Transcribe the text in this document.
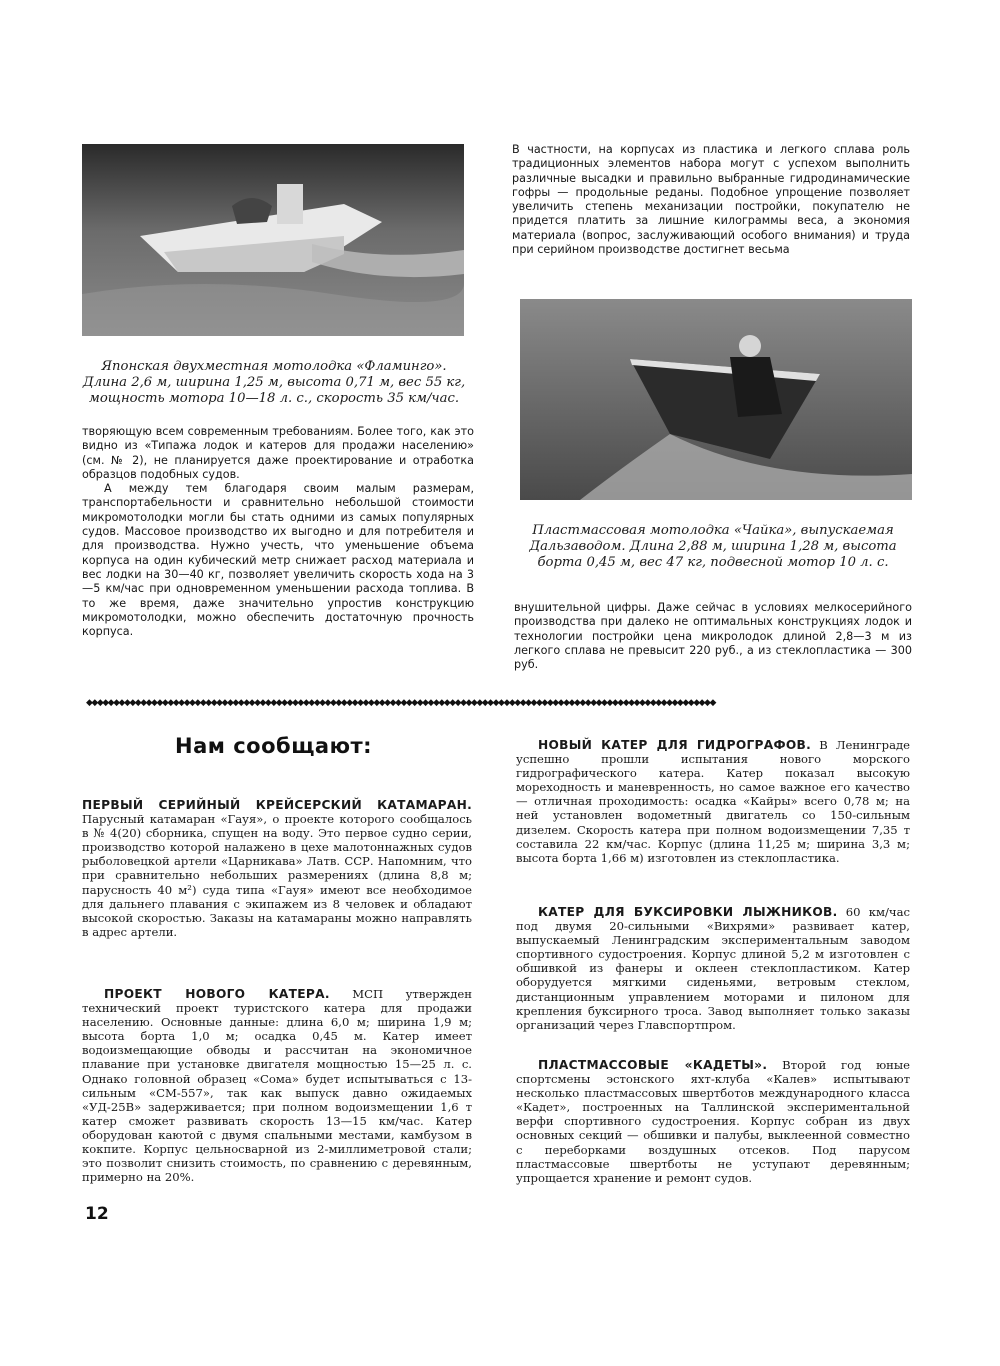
Японская двухместная мотолодка «Фламинго». Длина 2,6 м, ширина 1,25 м, высота 0,71 м, вес 55 кг, мощность мотора 10—18 л. с., скорость 35 км/час.
В частности, на корпусах из пластика и легкого сплава роль традиционных элементов набора могут с успехом выполнить различные высадки и правильно выбранные гидродинамические гофры — продольные реданы. Подобное упрощение позволяет увеличить степень механизации постройки, покупателю не придется платить за лишние килограммы веса, а экономия материала (вопрос, заслуживающий особого внимания) и труда при серийном производстве достигнет весьма
Пластмассовая мотолодка «Чайка», выпускаемая Дальзаводом. Длина 2,88 м, ширина 1,28 м, высота борта 0,45 м, вес 47 кг, подвесной мотор 10 л. с.
творяющую всем современным требованиям. Более того, как это видно из «Типажа лодок и катеров для продажи населению» (см. № 2), не планируется даже проектирование и отработка образцов подобных судов.
А между тем благодаря своим малым размерам, транспортабельности и сравнительно небольшой стоимости микромотолодки могли бы стать одними из самых популярных судов. Массовое производство их выгодно и для потребителя и для производства. Нужно учесть, что уменьшение объема корпуса на один кубический метр снижает расход материала и вес лодки на 30—40 кг, позволяет увеличить скорость хода на 3—5 км/час при одновременном уменьшении расхода топлива. В то же время, даже значительно упростив конструкцию микромотолодки, можно обеспечить достаточную прочность корпуса.
внушительной цифры. Даже сейчас в условиях мелкосерийного производства при далеко не оптимальных конструкциях лодок и технологии постройки цена микролодок длиной 2,8—3 м из легкого сплава не превысит 220 руб., а из стеклопластика — 300 руб.
◆◆◆◆◆◆◆◆◆◆◆◆◆◆◆◆◆◆◆◆◆◆◆◆◆◆◆◆◆◆◆◆◆◆◆◆◆◆◆◆◆◆◆◆◆◆◆◆◆◆◆◆◆◆◆◆◆◆◆◆◆◆◆◆◆◆◆◆◆◆◆◆◆◆◆◆◆◆◆◆◆◆◆◆◆◆◆◆◆◆◆◆◆◆◆◆◆◆◆◆◆◆◆◆◆◆◆◆◆◆◆◆◆◆◆◆
Нам сообщают:
ПЕРВЫЙ СЕРИЙНЫЙ КРЕЙСЕРСКИЙ КАТАМАРАН. Парусный катамаран «Гауя», о проекте которого сообщалось в № 4(20) сборника, спущен на воду. Это первое судно серии, производство которой налажено в цехе малотоннажных судов рыболовецкой артели «Царникава» Латв. ССР. Напомним, что при сравнительно небольших размерениях (длина 8,8 м; парусность 40 м²) суда типа «Гауя» имеют все необходимое для дальнего плавания с экипажем из 8 человек и обладают высокой скоростью. Заказы на катамараны можно направлять в адрес артели.
ПРОЕКТ НОВОГО КАТЕРА. МСП утвержден технический проект туристского катера для продажи населению. Основные данные: длина 6,0 м; ширина 1,9 м; высота борта 1,0 м; осадка 0,45 м. Катер имеет водоизмещающие обводы и рассчитан на экономичное плавание при установке двигателя мощностью 15—25 л. с. Однако головной образец «Сома» будет испытываться с 13-сильным «СМ-557», так как выпуск давно ожидаемых «УД-25В» задерживается; при полном водоизмещении 1,6 т катер сможет развивать скорость 13—15 км/час. Катер оборудован каютой с двумя спальными местами, камбузом в кокпите. Корпус цельносварной из 2-миллиметровой стали; это позволит снизить стоимость, по сравнению с деревянным, примерно на 20%.
НОВЫЙ КАТЕР ДЛЯ ГИДРОГРАФОВ. В Ленинграде успешно прошли испытания нового морского гидрографического катера. Катер показал высокую мореходность и маневренность, но самое важное его качество — отличная проходимость: осадка «Кайры» всего 0,78 м; на ней установлен водометный двигатель со 150-сильным дизелем. Скорость катера при полном водоизмещении 7,35 т составила 22 км/час. Корпус (длина 11,25 м; ширина 3,3 м; высота борта 1,66 м) изготовлен из стеклопластика.
КАТЕР ДЛЯ БУКСИРОВКИ ЛЫЖНИКОВ. 60 км/час под двумя 20-сильными «Вихрями» развивает катер, выпускаемый Ленинградским экспериментальным заводом спортивного судостроения. Корпус длиной 5,2 м изготовлен с обшивкой из фанеры и оклеен стеклопластиком. Катер оборудуется мягкими сиденьями, ветровым стеклом, дистанционным управлением моторами и пилоном для крепления буксирного троса. Завод выполняет только заказы организаций через Главспортпром.
ПЛАСТМАССОВЫЕ «КАДЕТЫ». Второй год юные спортсмены эстонского яхт-клуба «Калев» испытывают несколько пластмассовых швертботов международного класса «Кадет», построенных на Таллинской экспериментальной верфи спортивного судостроения. Корпус собран из двух основных секций — обшивки и палубы, выклеенной совместно с переборками воздушных отсеков. Под парусом пластмассовые швертботы не уступают деревянным; упрощается хранение и ремонт судов.
12
